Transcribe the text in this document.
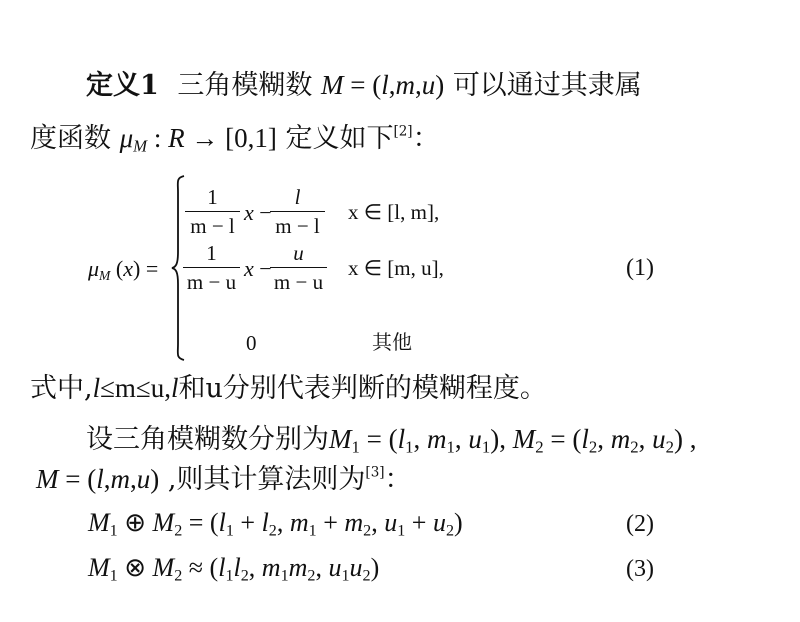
定义1 三角模糊数 M = (l,m,u) 可以通过其隶属
度函数 $\mu_M$ : R → [0,1] 定义如下[2]：
$\mu_M$ (x) =
1
m − l
x −
l
m − l
x ∈ [l, m],
1
m − u
x −
u
m − u
x ∈ [m, u],
0	其他
(1)
式中,l≤m≤u,l和u分别代表判断的模糊程度。
设三角模糊数分别为$M_1 = (l_1$, $m_1$, $u_1$), $M_2 = (l_2$, $m_2$, $u_2$) ,
M = (l,m,u) ,则其计算法则为[3]：
$M_1$ ⊕ $M_2 = (l_1 + l_2$, $m_1 + m_2$, $u_1 + u_2$)	(2)
$M_1$ ⊗ $M_2 \approx (l_1l_2$, $m_1m_2$, $u_1u_2$)	(3)
